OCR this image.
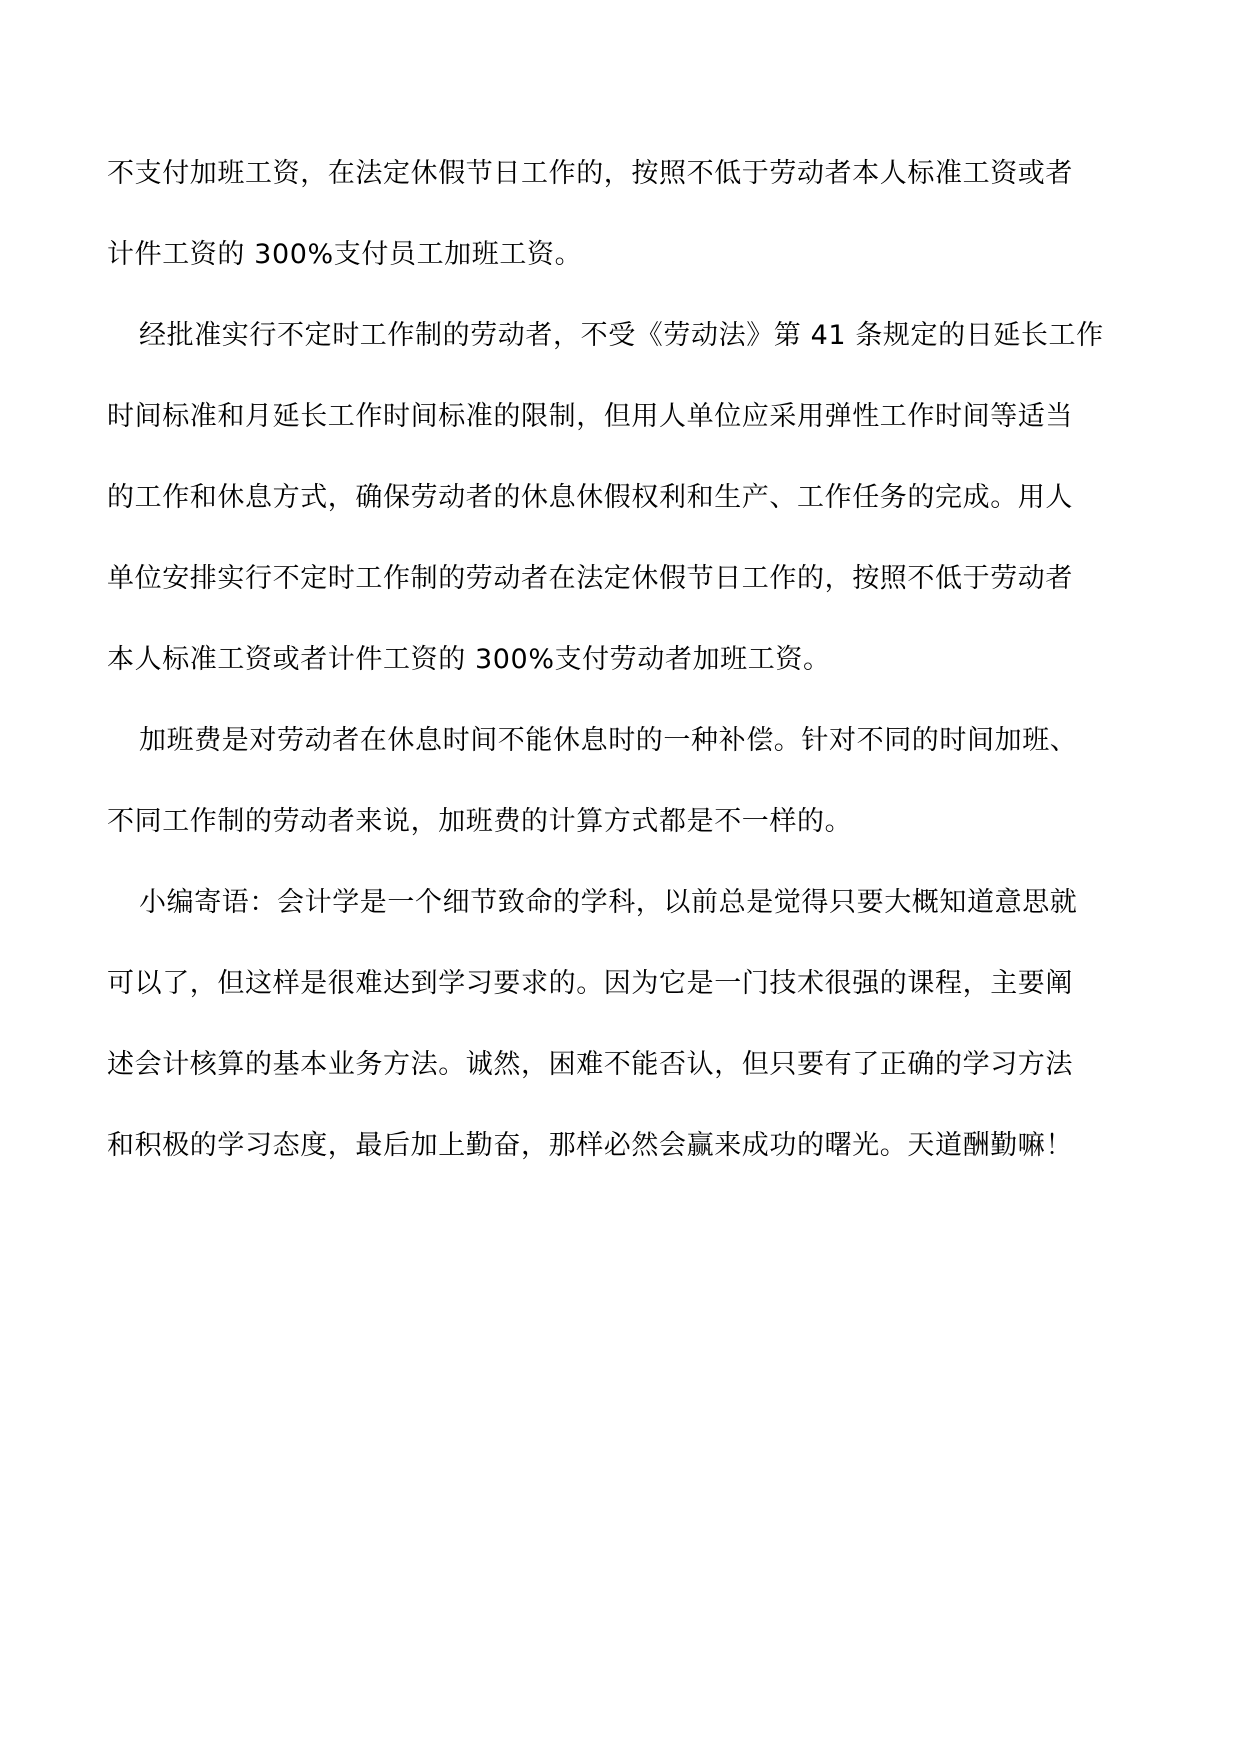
不支付加班工资，在法定休假节日工作的，按照不低于劳动者本人标准工资或者
计件工资的 300%支付员工加班工资。
经批准实行不定时工作制的劳动者，不受《劳动法》第 41 条规定的日延长工作
时间标准和月延长工作时间标准的限制，但用人单位应采用弹性工作时间等适当
的工作和休息方式，确保劳动者的休息休假权利和生产、工作任务的完成。用人
单位安排实行不定时工作制的劳动者在法定休假节日工作的，按照不低于劳动者
本人标准工资或者计件工资的 300%支付劳动者加班工资。
加班费是对劳动者在休息时间不能休息时的一种补偿。针对不同的时间加班、
不同工作制的劳动者来说，加班费的计算方式都是不一样的。
小编寄语：会计学是一个细节致命的学科，以前总是觉得只要大概知道意思就
可以了，但这样是很难达到学习要求的。因为它是一门技术很强的课程，主要阐
述会计核算的基本业务方法。诚然，困难不能否认，但只要有了正确的学习方法
和积极的学习态度，最后加上勤奋，那样必然会赢来成功的曙光。天道酬勤嘛！
